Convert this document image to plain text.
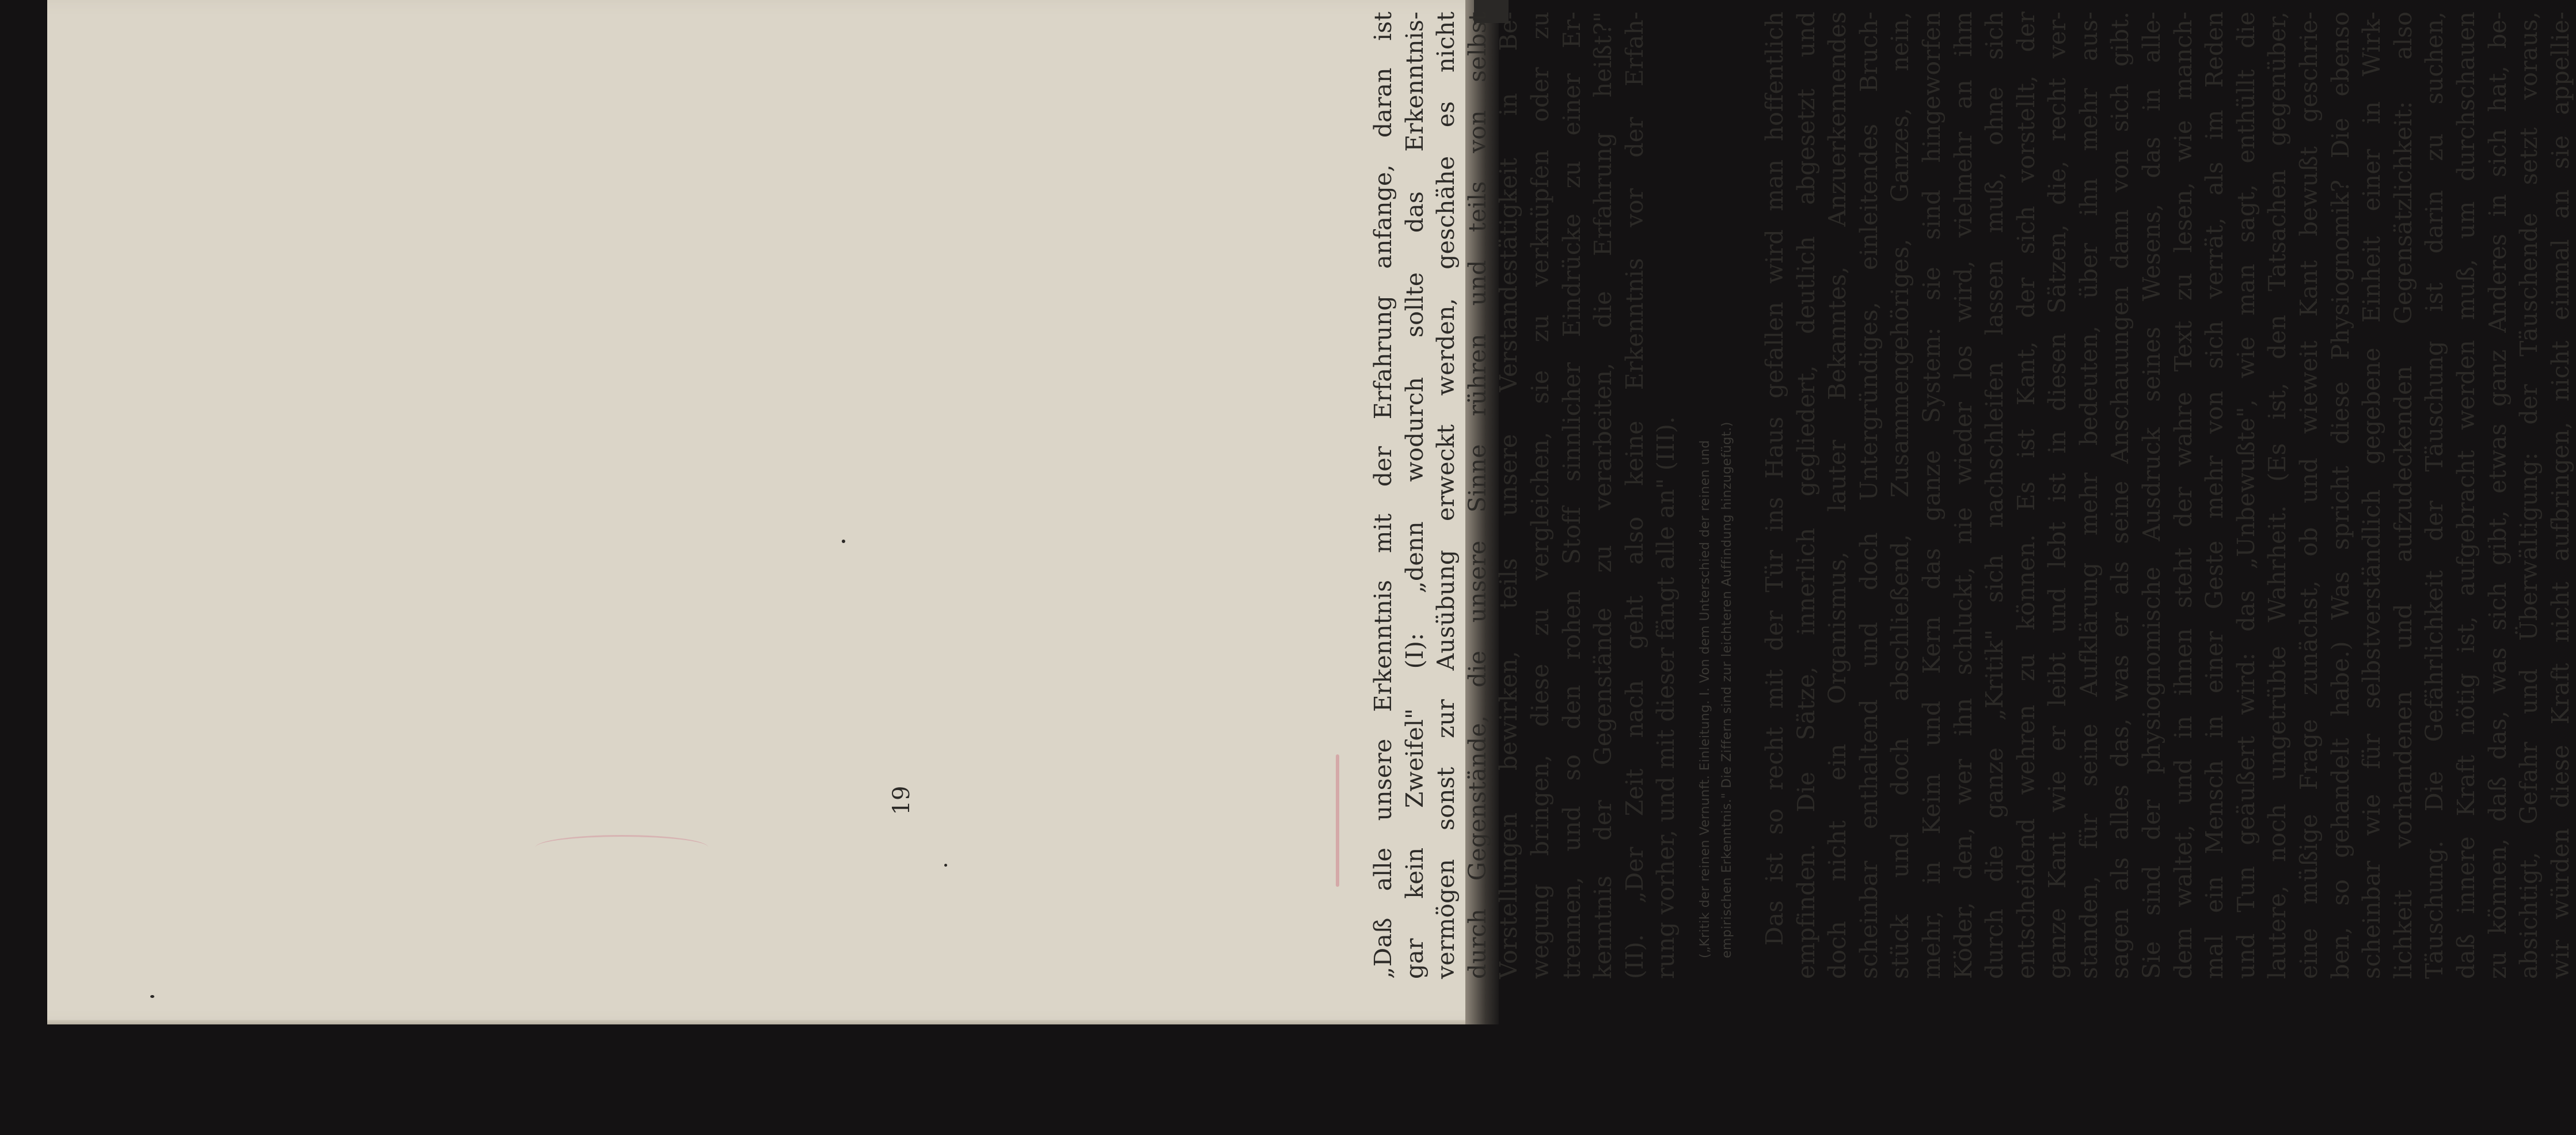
„Daß alle unsere Erkenntnis mit der Erfahrung anfange, daran ist gar kein Zweifel" (I): „denn wodurch sollte das Erkenntnis- vermögen sonst zur Ausübung erweckt werden, geschähe es nicht durch Gegenstände, die unsere Sinne rühren und teils von selbst Vorstellungen bewirken, teils unsere Verstandestätigkeit in Be- wegung bringen, diese zu vergleichen, sie zu verknüpfen oder zu trennen, und so den rohen Stoff sinnlicher Eindrücke zu einer Er- kenntnis der Gegenstände zu verarbeiten, die Erfahrung heißt?" (II). „Der Zeit nach geht also keine Erkenntnis vor der Erfah- rung vorher, und mit dieser fängt alle an" (III). („Kritik der reinen Vernunft. Einleitung. I. Von dem Unterschied der reinen und empirischen Erkenntnis." Die Ziffern sind zur leichteren Auffindung hinzugefügt.) Das ist so recht mit der Tür ins Haus gefallen wird man hoffentlich empfinden. Die Sätze, innerlich gegliedert, deutlich abgesetzt und doch nicht ein Organismus, lauter Bekanntes, Anzuerkennendes scheinbar enthaltend und doch Untergründiges, einleitendes Bruch- stück und doch abschließend, Zusammengehöriges, Ganzes, nein, mehr, in Keim und Kern das ganze System: sie sind hingeworfen Köder, den, wer ihn schluckt, nie wieder los wird, vielmehr an ihm durch die ganze „Kritik" sich nachschleifen lassen muß, ohne sich entscheidend wehren zu können. Es ist Kant, der sich vorstellt, der ganze Kant wie er leibt und lebt ist in diesen Sätzen, die, recht ver- standen, für seine Aufklärung mehr bedeuten, über ihn mehr aus- sagen als alles das, was er als seine Anschauungen dann von sich gibt. Sie sind der physiognomische Ausdruck seines Wesens, das in alle- dem waltet, und in ihnen steht der wahre Text zu lesen, wie manch- mal ein Mensch in einer Geste mehr von sich verrät, als im Reden und Tun geäußert wird: das „Unbewußte", wie man sagt, enthüllt die lautere, noch ungetrübte Wahrheit. (Es ist, den Tatsachen gegenüber, eine müßige Frage zunächst, ob und wieweit Kant bewußt geschrie- ben, so gehandelt habe.) Was spricht diese Physiognomik? Die ebenso scheinbar wie für selbstverständlich gegebene Einheit einer in Wirk- lichkeit vorhandenen und aufzudeckenden Gegensätzlichkeit: also Täuschung. Die Gefährlichkeit der Täuschung ist darin zu suchen, daß innere Kraft nötig ist, aufgebracht werden muß, um durchschauen zu können, daß das, was sich gibt, etwas ganz Anderes in sich hat, be- absichtigt, Gefahr und Überwältigung: der Täuschende setzt voraus, wir würden diese Kraft nicht aufbringen, nicht einmal an sie appellie-
19
